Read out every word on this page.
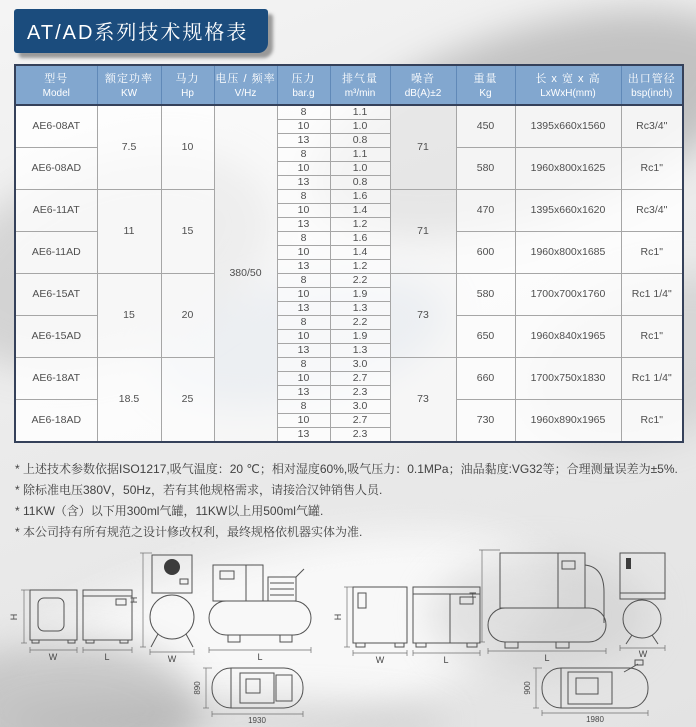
AT/AD系列技术规格表
型号
Model	额定功率
KW	马力
Hp	电压 / 频率
V/Hz	压力
bar.g	排气量
m³/min	噪音
dB(A)±2	重量
Kg	长 x 宽 x 高
LxWxH(mm)	出口管径
bsp(inch)

AE6-08AT	7.5	10	380/50	8	1.1	71	450	1395x660x1560	Rc3/4"
				10	1.0				
				13	0.8				
AE6-08AD				8	1.1		580	1960x800x1625	Rc1"
				10	1.0				
				13	0.8				
AE6-11AT	11	15		8	1.6	71	470	1395x660x1620	Rc3/4"
				10	1.4				
				13	1.2				
AE6-11AD				8	1.6		600	1960x800x1685	Rc1"
				10	1.4				
				13	1.2				
AE6-15AT	15	20		8	2.2	73	580	1700x700x1760	Rc1 1/4"
				10	1.9				
				13	1.3				
AE6-15AD				8	2.2		650	1960x840x1965	Rc1"
				10	1.9				
				13	1.3				
AE6-18AT	18.5	25		8	3.0	73	660	1700x750x1830	Rc1 1/4"
				10	2.7				
				13	2.3				
AE6-18AD				8	3.0		730	1960x890x1965	Rc1"
				10	2.7				
				13	2.3				
* 上述技术参数依据ISO1217,吸气温度：20 ℃；相对湿度60%,吸气压力：0.1MPa；油品黏度:VG32等；合理测量误差为±5%.
* 除标准电压380V，50Hz，若有其他规格需求，请接洽汉钟销售人员.
* 11KW（含）以下用300ml气罐，11KW以上用500ml气罐.
* 本公司持有所有规范之设计修改权利，最终规格依机器实体为准.
H
W	L
H
W	L
H
W	L
H
L	W
890
1930
900
1980
